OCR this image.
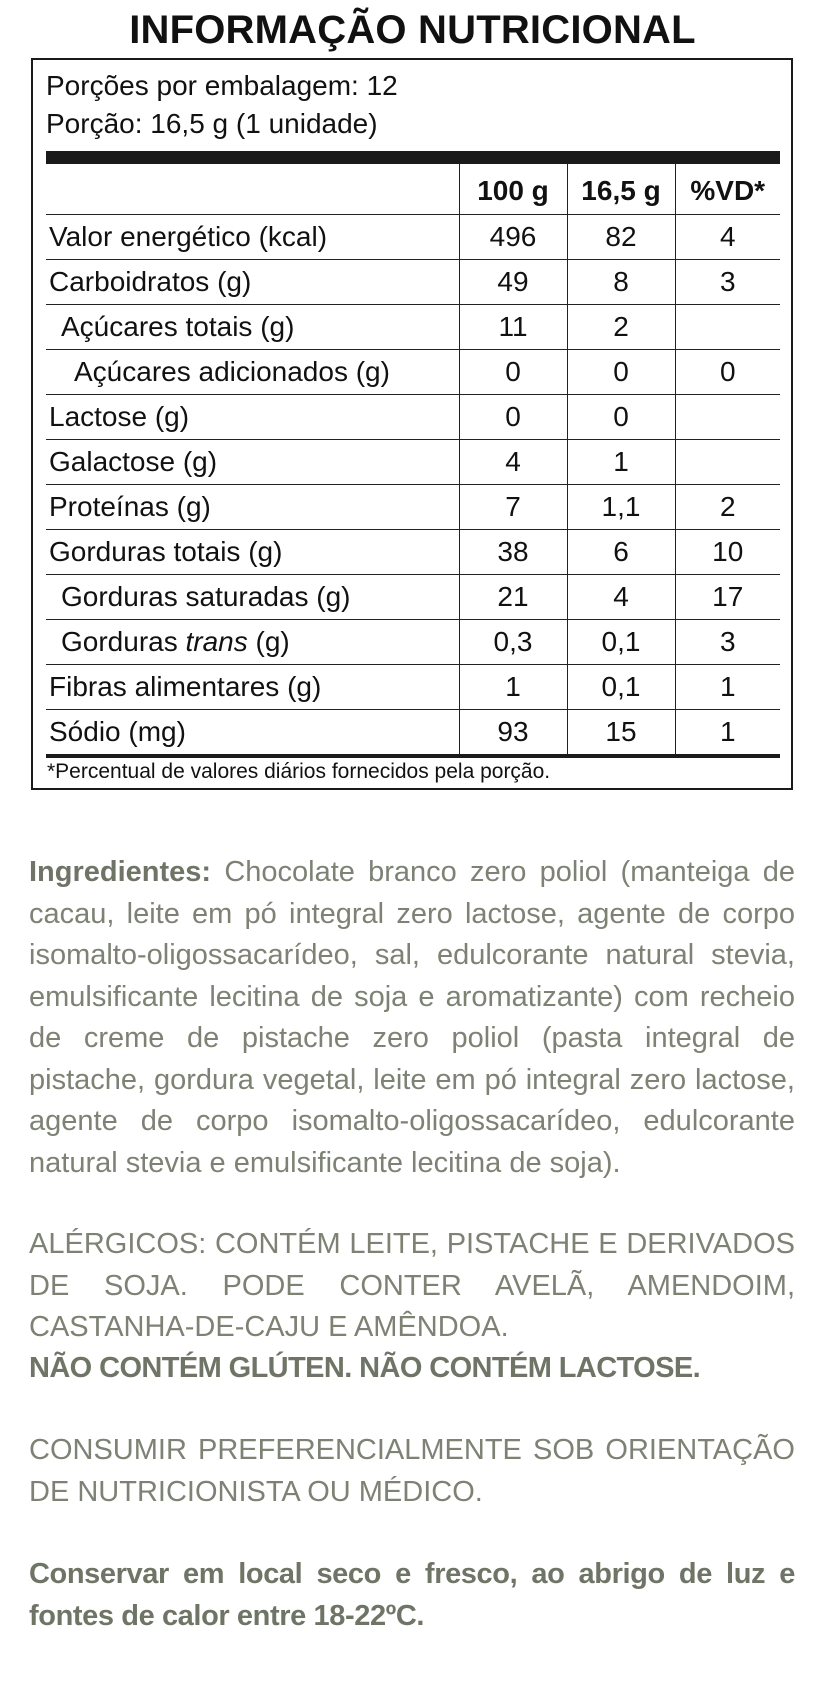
INFORMAÇÃO NUTRICIONAL
Porções por embalagem: 12
Porção: 16,5 g (1 unidade)
	100 g	16,5 g	%VD*
Valor energético (kcal)	496	82	4
Carboidratos (g)	49	8	3
Açúcares totais (g)	11	2	
Açúcares adicionados (g)	0	0	0
Lactose (g)	0	0	
Galactose (g)	4	1	
Proteínas (g)	7	1,1	2
Gorduras totais (g)	38	6	10
Gorduras saturadas (g)	21	4	17
Gorduras trans (g)	0,3	0,1	3
Fibras alimentares (g)	1	0,1	1
Sódio (mg)	93	15	1
*Percentual de valores diários fornecidos pela porção.
Ingredientes: Chocolate branco zero poliol (manteiga de cacau, leite em pó integral zero lactose, agente de corpo isomalto-oligossacarídeo, sal, edulcorante natural stevia, emulsificante lecitina de soja e aromatizante) com recheio de creme de pistache zero poliol (pasta integral de pistache, gordura vegetal, leite em pó integral zero lactose, agente de corpo isomalto-oligossacarídeo, edulcorante natural stevia e emulsificante lecitina de soja).
ALÉRGICOS: CONTÉM LEITE, PISTACHE E DERIVADOS DE SOJA. PODE CONTER AVELÃ, AMENDOIM, CASTANHA-DE-CAJU E AMÊNDOA.
NÃO CONTÉM GLÚTEN. NÃO CONTÉM LACTOSE.
CONSUMIR PREFERENCIALMENTE SOB ORIENTAÇÃO DE NUTRICIONISTA OU MÉDICO.
Conservar em local seco e fresco, ao abrigo de luz e fontes de calor entre 18-22ºC.
